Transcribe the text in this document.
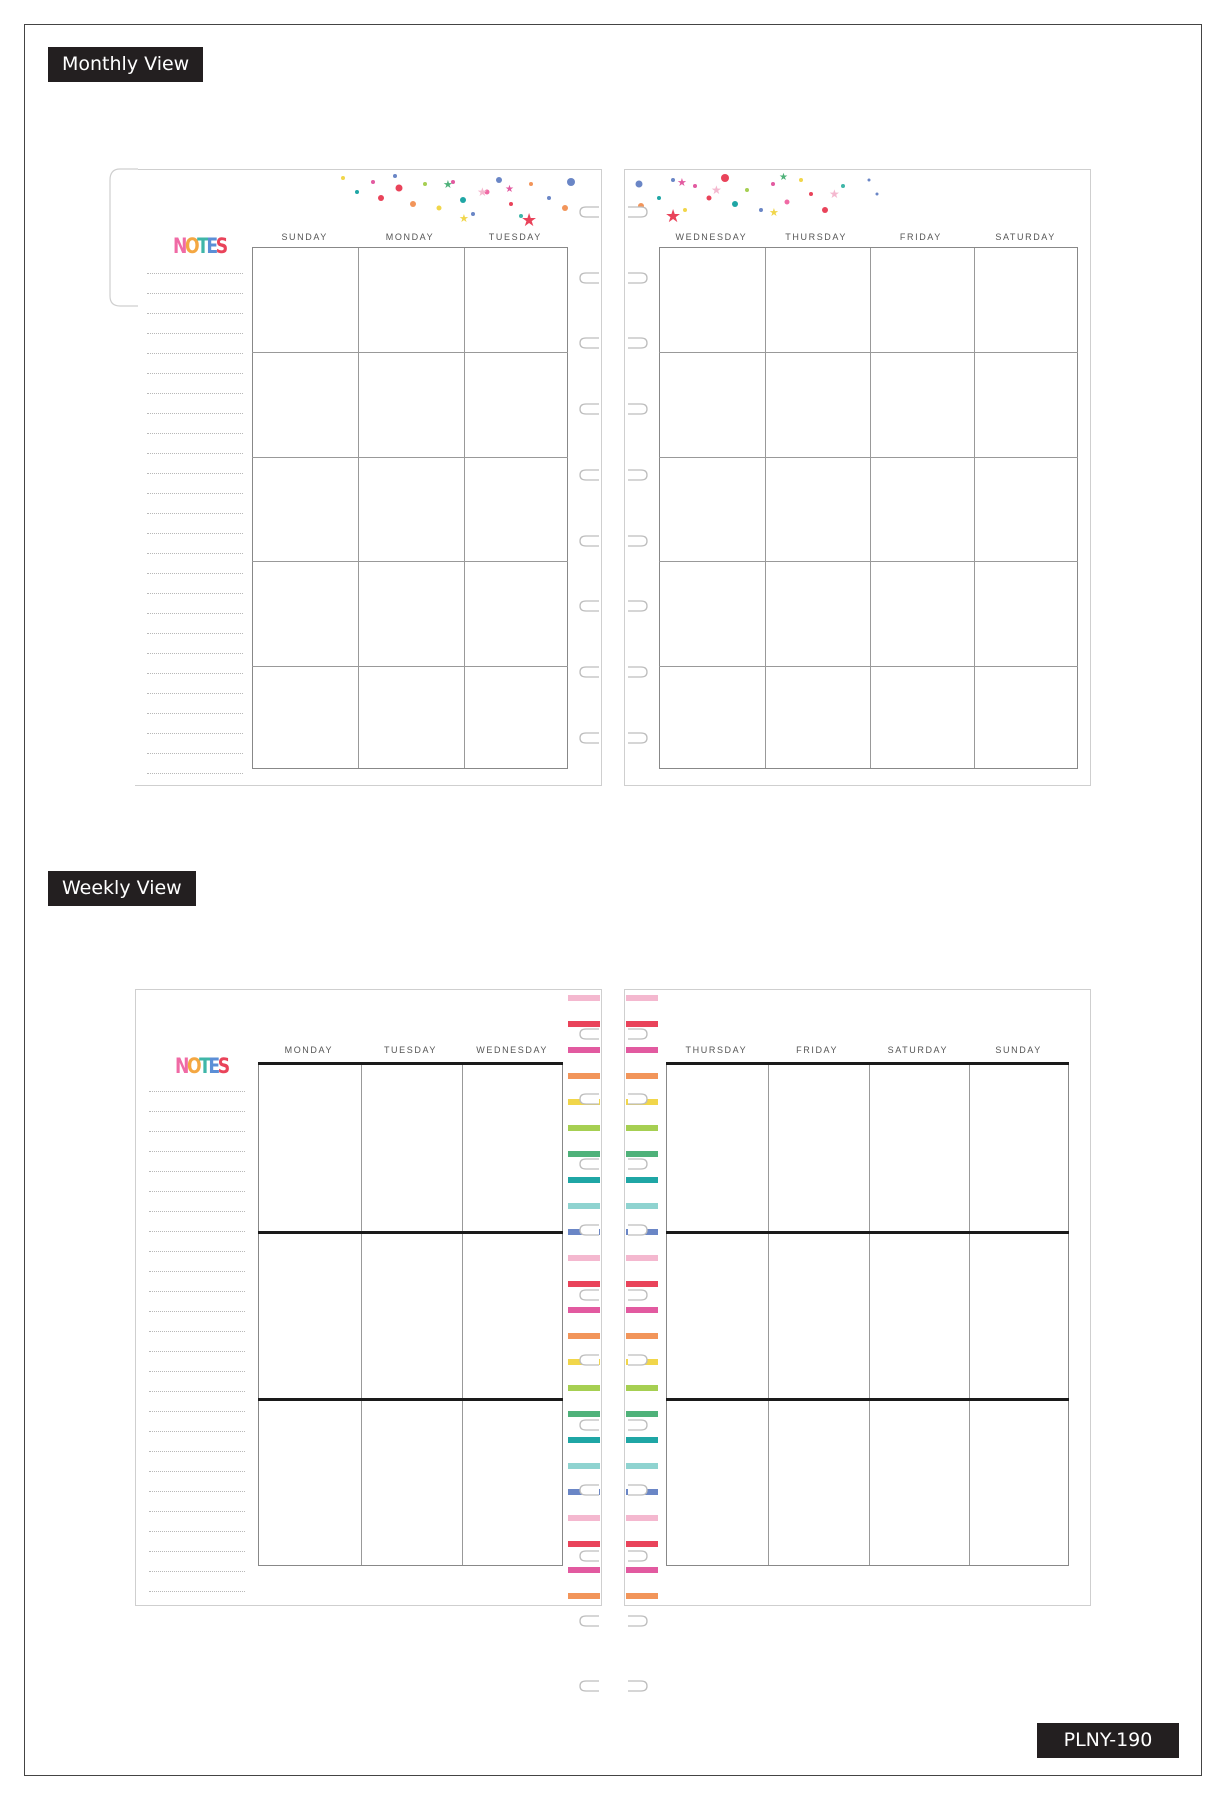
Monthly View
NOTES
★
★
★ ★
★
SUNDAY	MONDAY	TUESDAY
★
★
★
★
★
★
WEDNESDAY	THURSDAY	FRIDAY	SATURDAY
Weekly View
NOTES
MONDAY	TUESDAY	WEDNESDAY	THURSDAY	FRIDAY	SATURDAY	SUNDAY
PLNY-190
